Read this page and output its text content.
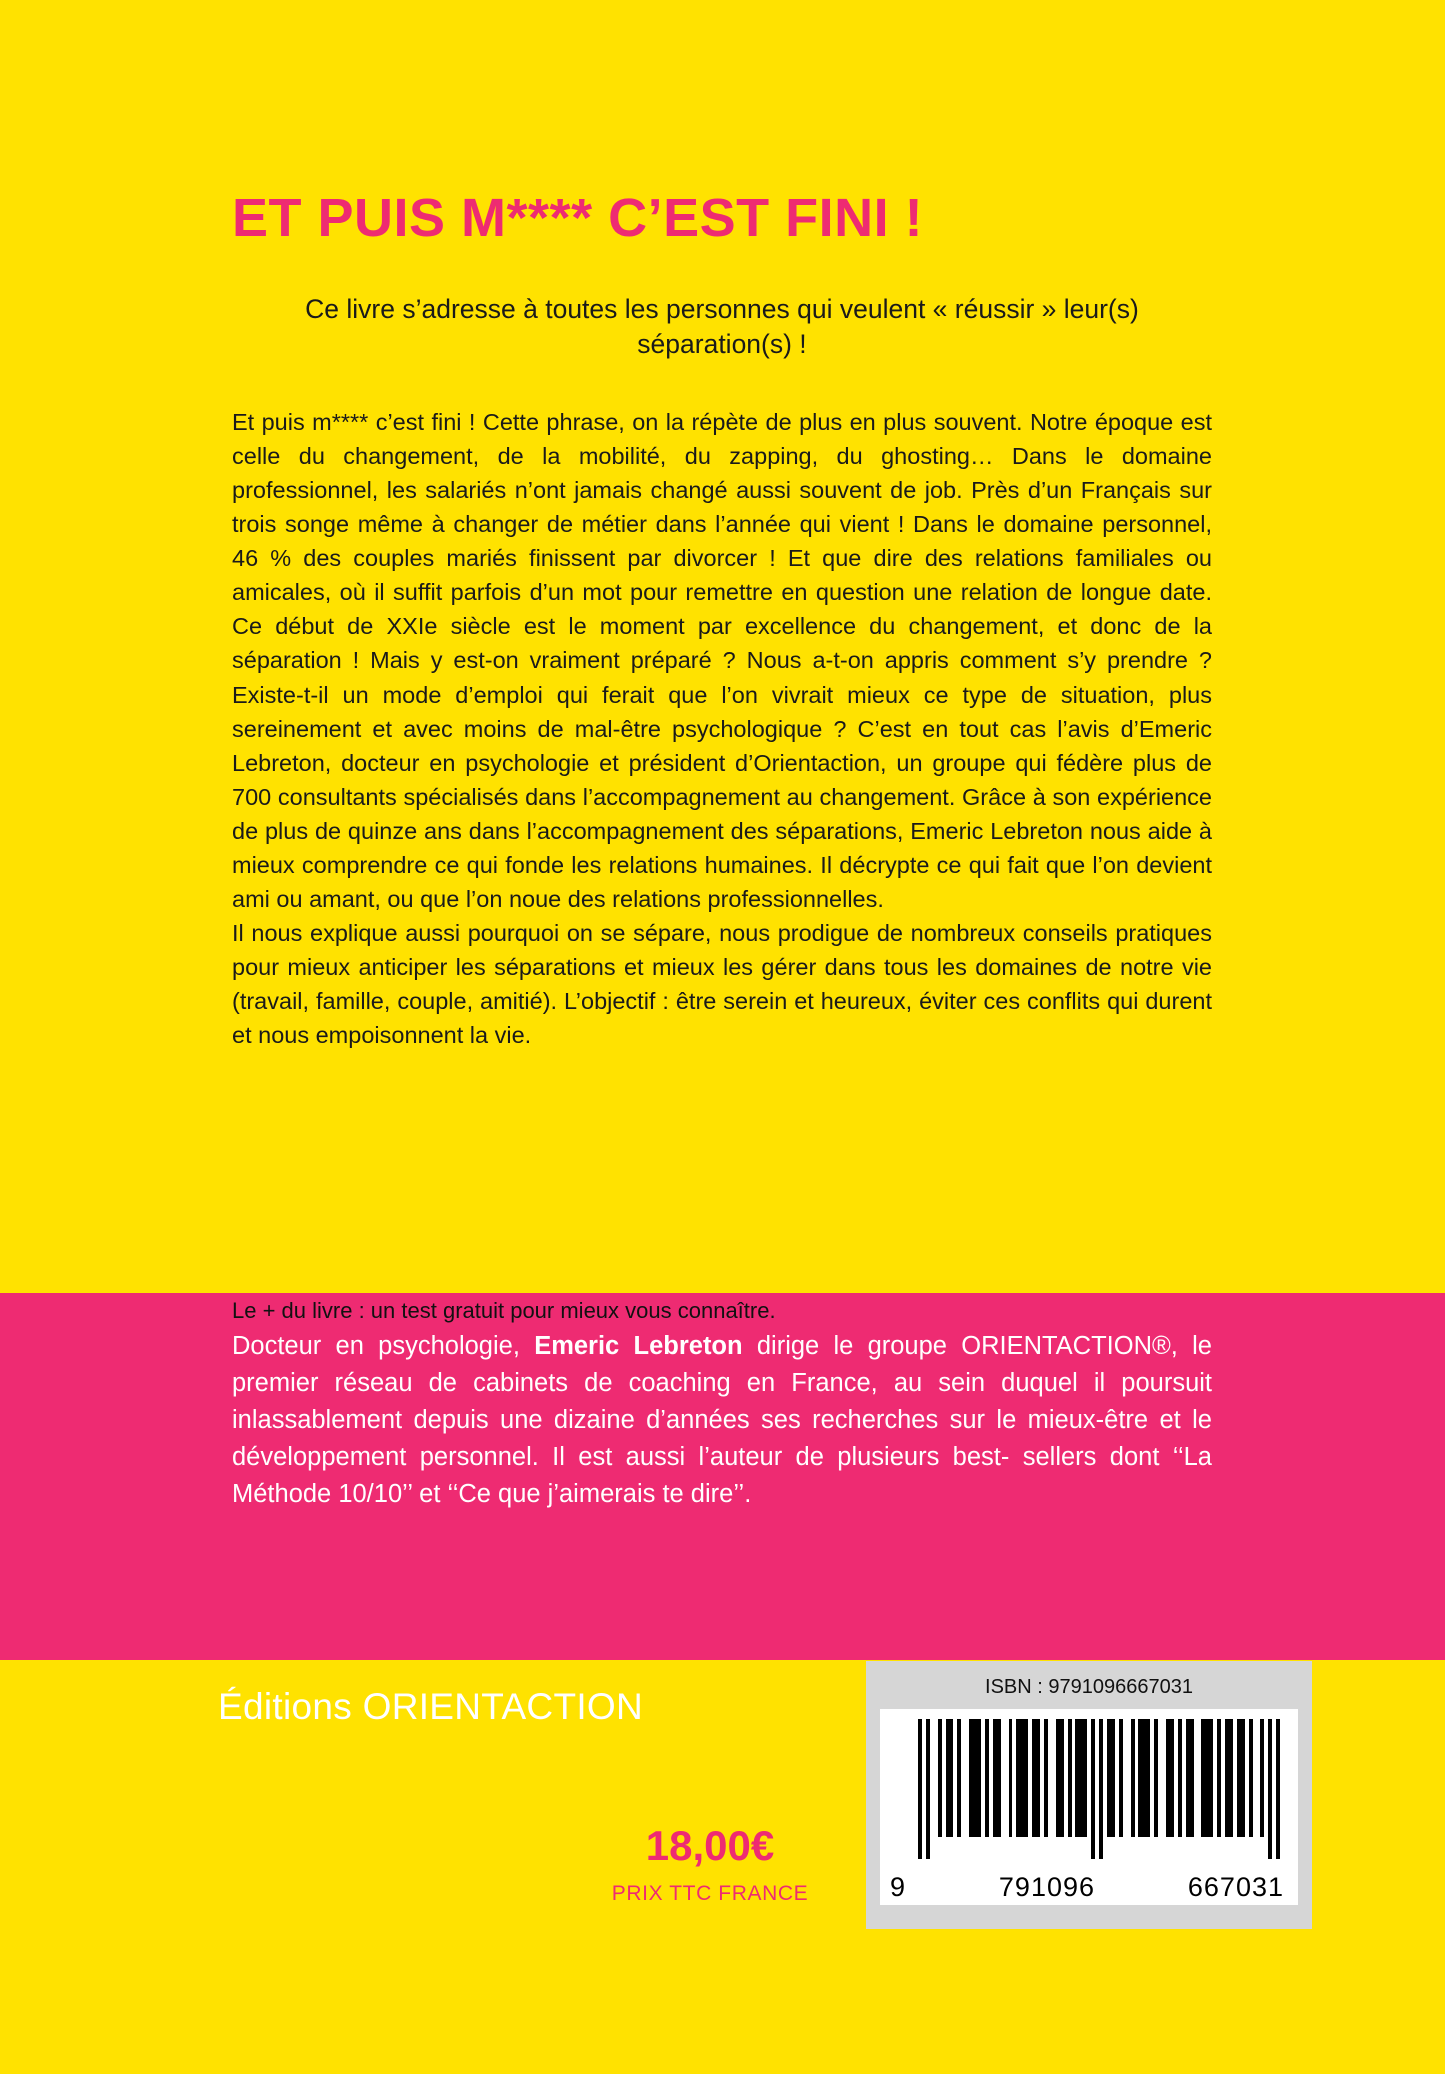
ET PUIS M**** C’EST FINI !
Ce livre s’adresse à toutes les personnes qui veulent « réussir » leur(s) séparation(s) !

Et puis m**** c’est fini ! Cette phrase, on la répète de plus en plus souvent. Notre époque est celle du changement, de la mobilité, du zapping, du ghosting… Dans le domaine professionnel, les salariés n’ont jamais changé aussi souvent de job. Près d’un Français sur trois songe même à changer de métier dans l’année qui vient ! Dans le domaine personnel, 46 % des couples mariés finissent par divorcer ! Et que dire des relations familiales ou amicales, où il suffit parfois d’un mot pour remettre en question une relation de longue date. Ce début de XXIe siècle est le moment par excellence du changement, et donc de la séparation ! Mais y est-on vraiment préparé ? Nous a-t-on appris comment s’y prendre ? Existe-t-il un mode d’emploi qui ferait que l’on vivrait mieux ce type de situation, plus sereinement et avec moins de mal-être psychologique ? C’est en tout cas l’avis d’Emeric Lebreton, docteur en psychologie et président d’Orientaction, un groupe qui fédère plus de 700 consultants spécialisés dans l’accompagnement au changement. Grâce à son expérience de plus de quinze ans dans l’accompagnement des séparations, Emeric Lebreton nous aide à mieux comprendre ce qui fonde les relations humaines. Il décrypte ce qui fait que l’on devient ami ou amant, ou que l’on noue des relations professionnelles.

Il nous explique aussi pourquoi on se sépare, nous prodigue de nombreux conseils pratiques pour mieux anticiper les séparations et mieux les gérer dans tous les domaines de notre vie (travail, famille, couple, amitié). L’objectif : être serein et heureux, éviter ces conflits qui durent et nous empoisonnent la vie.

Le + du livre : un test gratuit pour mieux vous connaître.
Docteur en psychologie, Emeric Lebreton dirige le groupe ORIENTACTION®, le premier réseau de cabinets de coaching en France, au sein duquel il poursuit inlassablement depuis une dizaine d’années ses recherches sur le mieux-être et le développement personnel. Il est aussi l’auteur de plusieurs best- sellers dont ‘‘La Méthode 10/10’’ et ‘‘Ce que j’aimerais te dire’’.
Éditions ORIENTACTION
18,00€
PRIX TTC FRANCE
ISBN : 9791096667031
9	791096	667031
